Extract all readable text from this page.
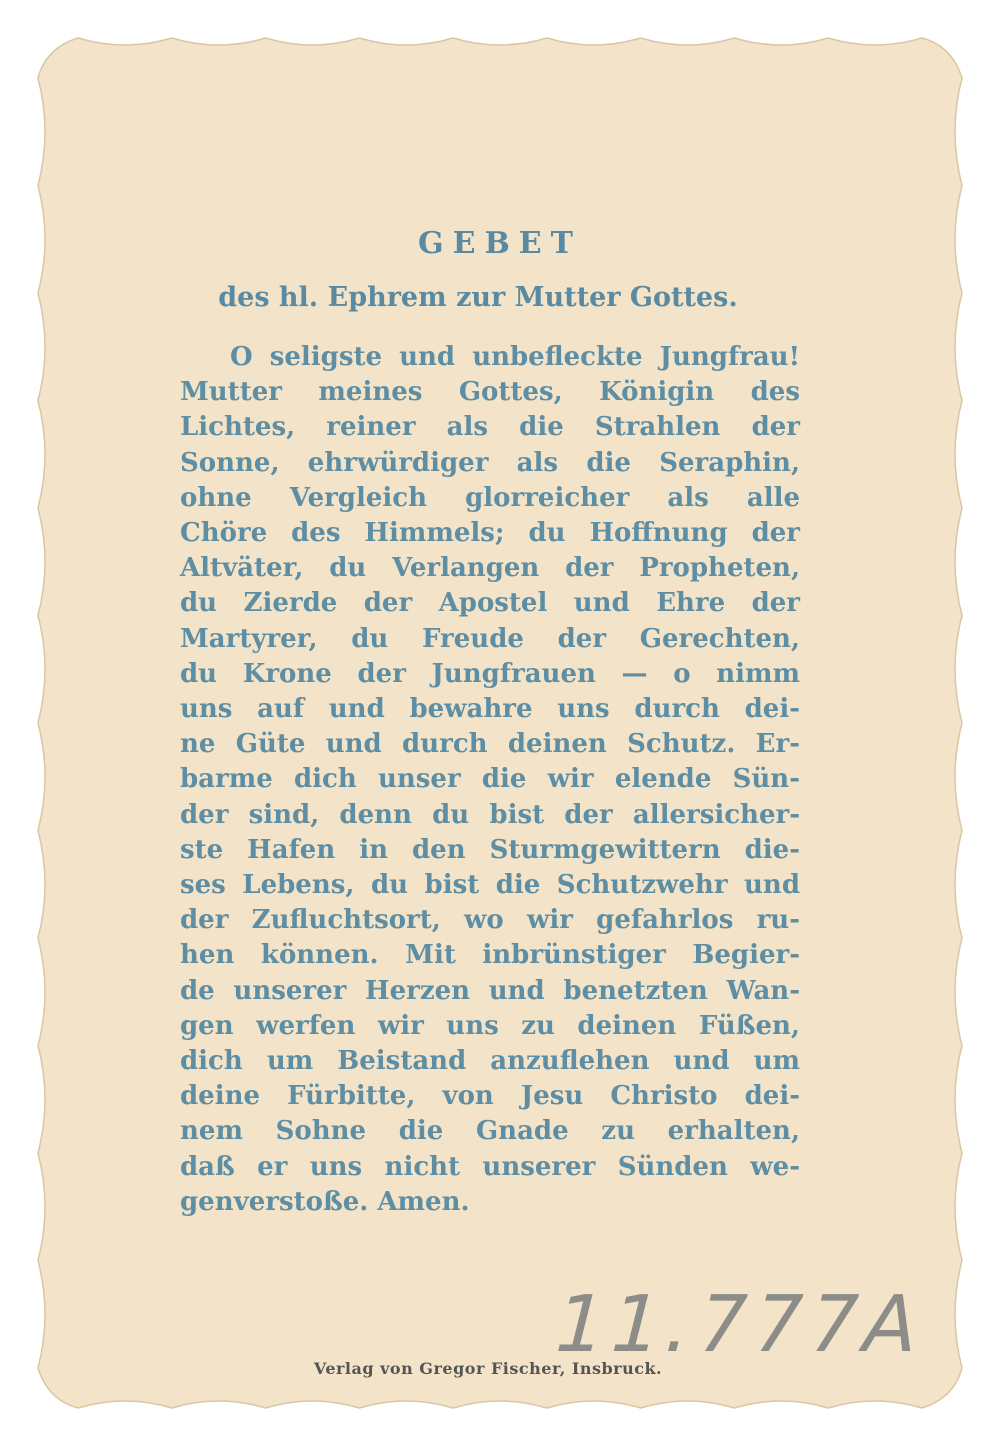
GEBET
des hl. Ephrem zur Mutter Gottes.
O seligste und unbefleckte Jungfrau!
Mutter meines Gottes, Königin des
Lichtes, reiner als die Strahlen der
Sonne, ehrwürdiger als die Seraphin,
ohne Vergleich glorreicher als alle
Chöre des Himmels; du Hoffnung der
Altväter, du Verlangen der Propheten,
du Zierde der Apostel und Ehre der
Martyrer, du Freude der Gerechten,
du Krone der Jungfrauen — o nimm
uns auf und bewahre uns durch dei-
ne Güte und durch deinen Schutz. Er-
barme dich unser die wir elende Sün-
der sind, denn du bist der allersicher-
ste Hafen in den Sturmgewittern die-
ses Lebens, du bist die Schutzwehr und
der Zufluchtsort, wo wir gefahrlos ru-
hen können. Mit inbrünstiger Begier-
de unserer Herzen und benetzten Wan-
gen werfen wir uns zu deinen Füßen,
dich um Beistand anzuflehen und um
deine Fürbitte, von Jesu Christo dei-
nem Sohne die Gnade zu erhalten,
daß er uns nicht unserer Sünden we-
genverstoße. Amen.
11.777A
Verlag von Gregor Fischer, Insbruck.
